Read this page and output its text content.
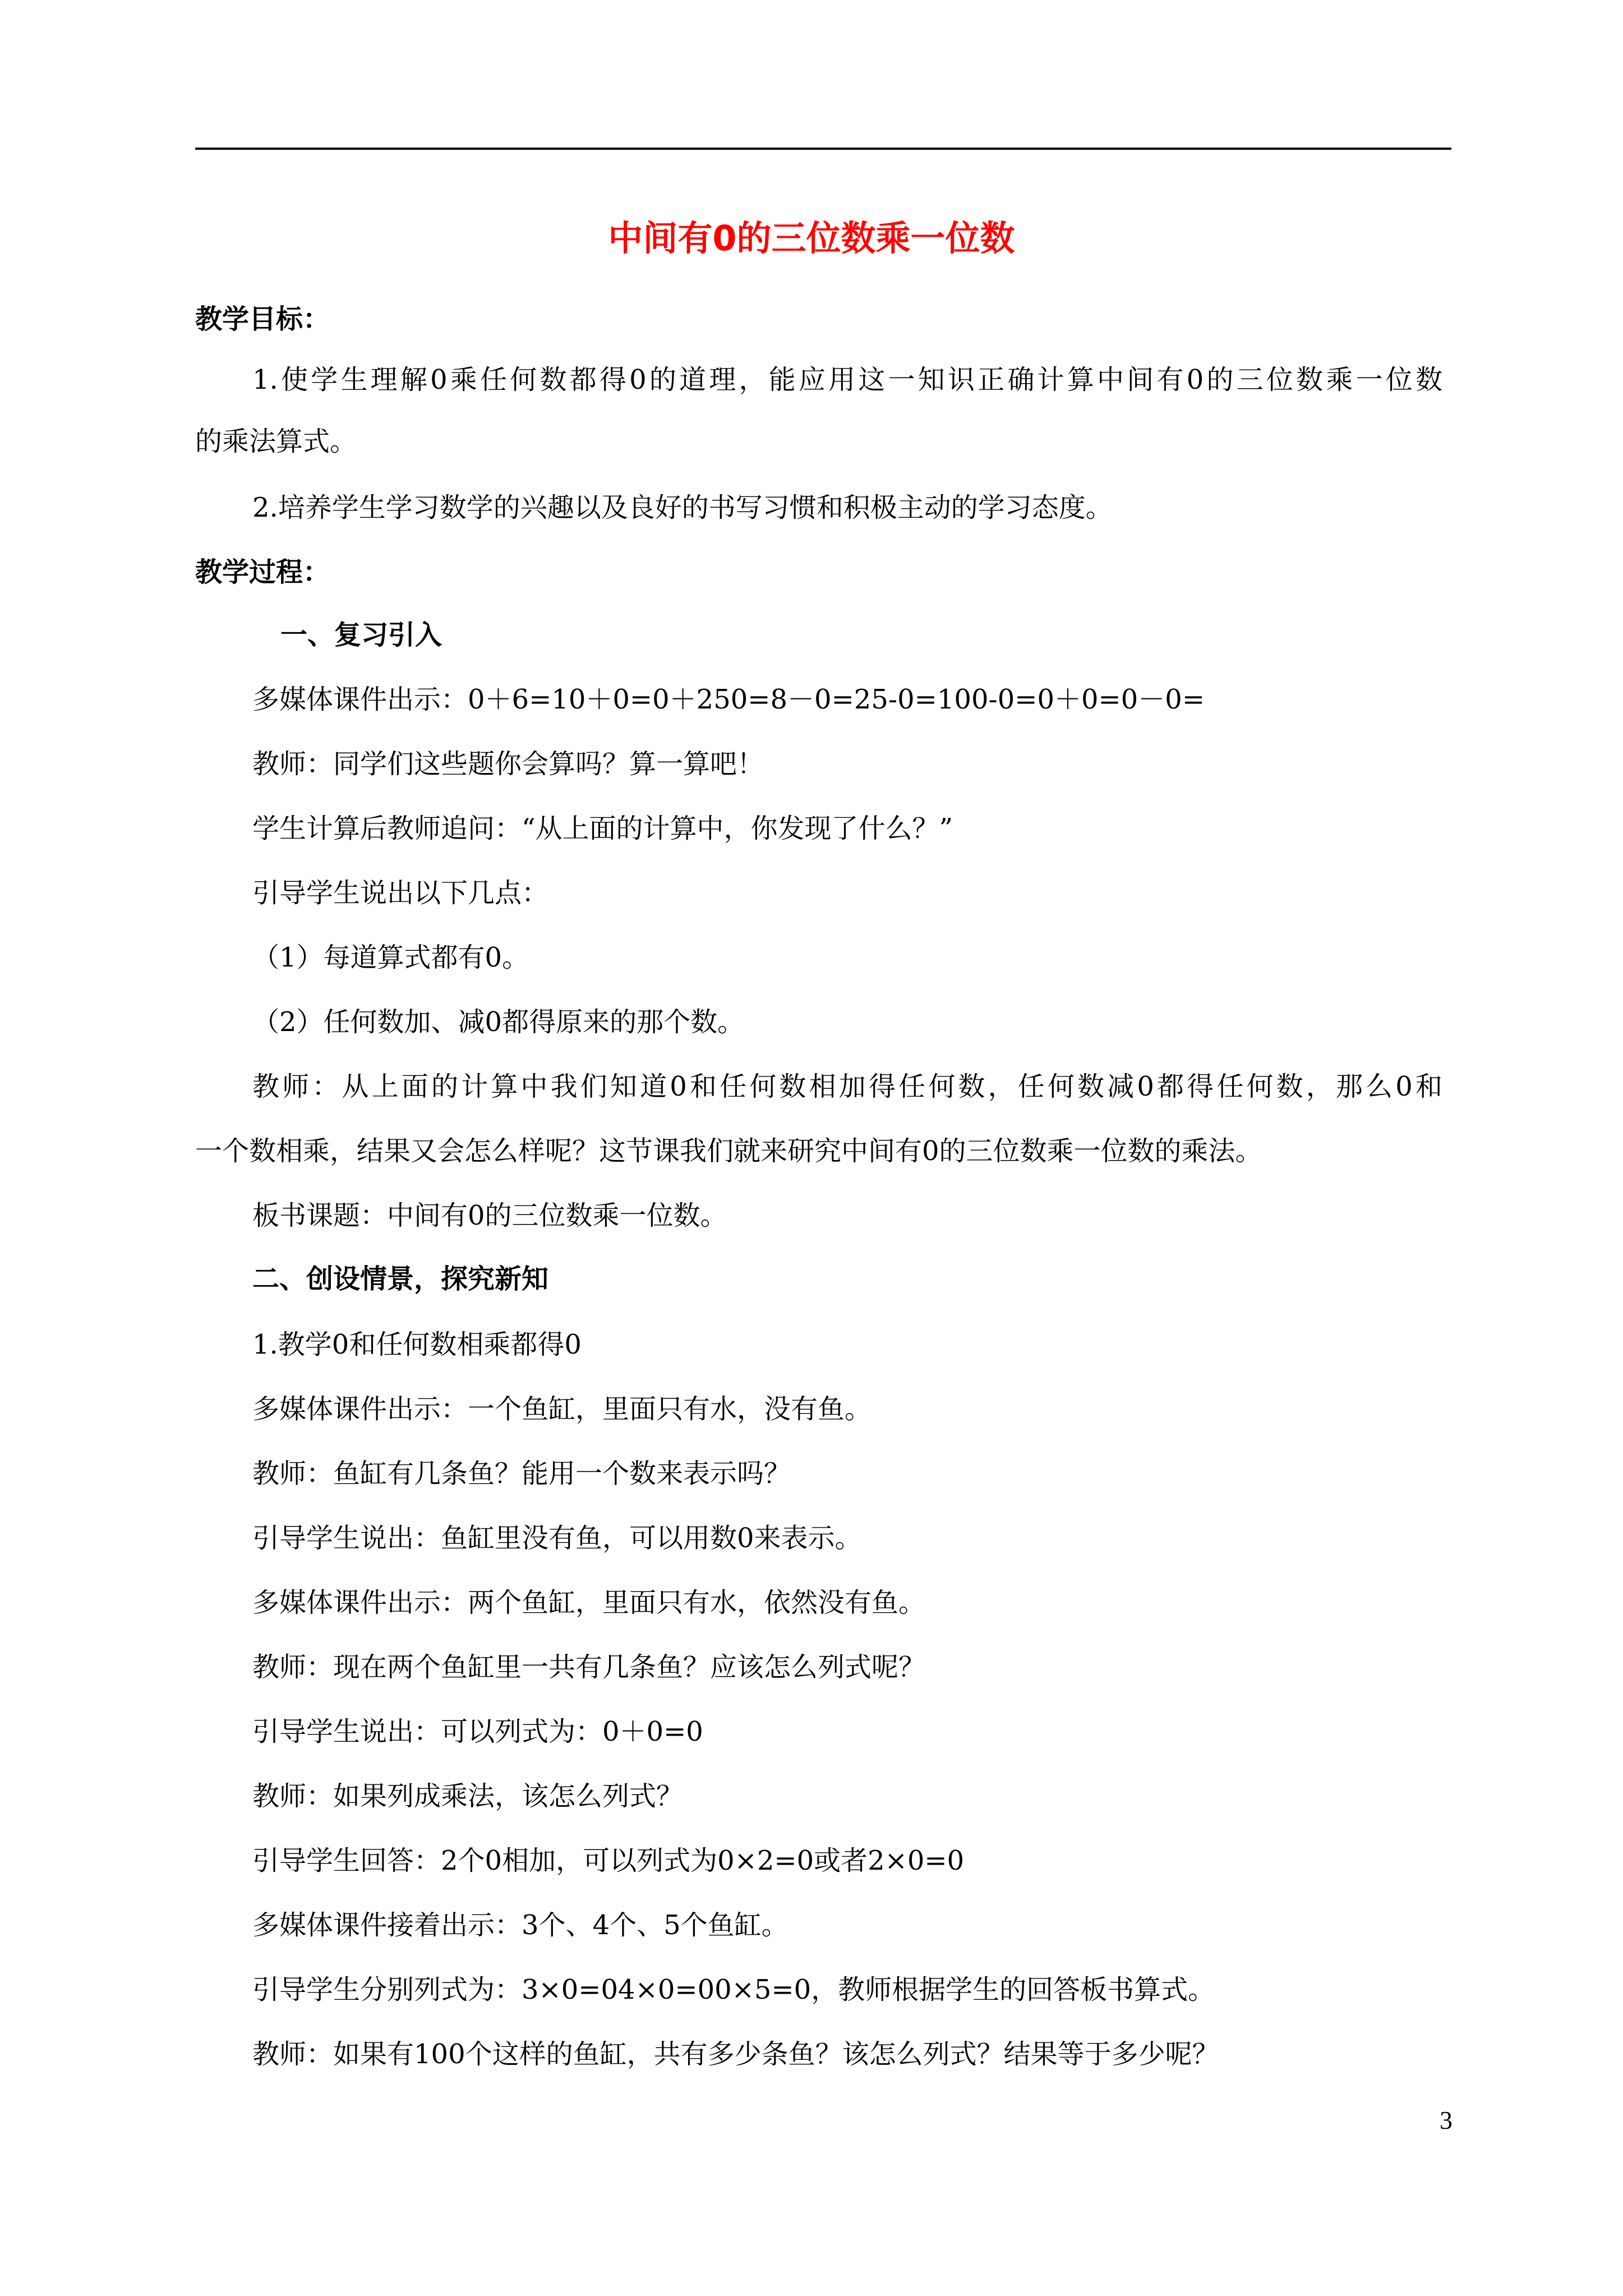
中间有0的三位数乘一位数
教学目标：
1.使学生理解0乘任何数都得0的道理，能应用这一知识正确计算中间有0的三位数乘一位数
的乘法算式。
2.培养学生学习数学的兴趣以及良好的书写习惯和积极主动的学习态度。
教学过程：
一、复习引入
多媒体课件出示：0＋6=10＋0=0＋250=8－0=25-0=100-0=0＋0=0－0=
教师：同学们这些题你会算吗？算一算吧！
学生计算后教师追问：“从上面的计算中，你发现了什么？”
引导学生说出以下几点：
（1）每道算式都有0。
（2）任何数加、减0都得原来的那个数。
教师：从上面的计算中我们知道0和任何数相加得任何数，任何数减0都得任何数，那么0和
一个数相乘，结果又会怎么样呢？这节课我们就来研究中间有0的三位数乘一位数的乘法。
板书课题：中间有0的三位数乘一位数。
二、创设情景，探究新知
1.教学0和任何数相乘都得0
多媒体课件出示：一个鱼缸，里面只有水，没有鱼。
教师：鱼缸有几条鱼？能用一个数来表示吗？
引导学生说出：鱼缸里没有鱼，可以用数0来表示。
多媒体课件出示：两个鱼缸，里面只有水，依然没有鱼。
教师：现在两个鱼缸里一共有几条鱼？应该怎么列式呢？
引导学生说出：可以列式为：0＋0=0
教师：如果列成乘法，该怎么列式？
引导学生回答：2个0相加，可以列式为0×2=0或者2×0=0
多媒体课件接着出示：3个、4个、5个鱼缸。
引导学生分别列式为：3×0=04×0=00×5=0，教师根据学生的回答板书算式。
教师：如果有100个这样的鱼缸，共有多少条鱼？该怎么列式？结果等于多少呢？
3
